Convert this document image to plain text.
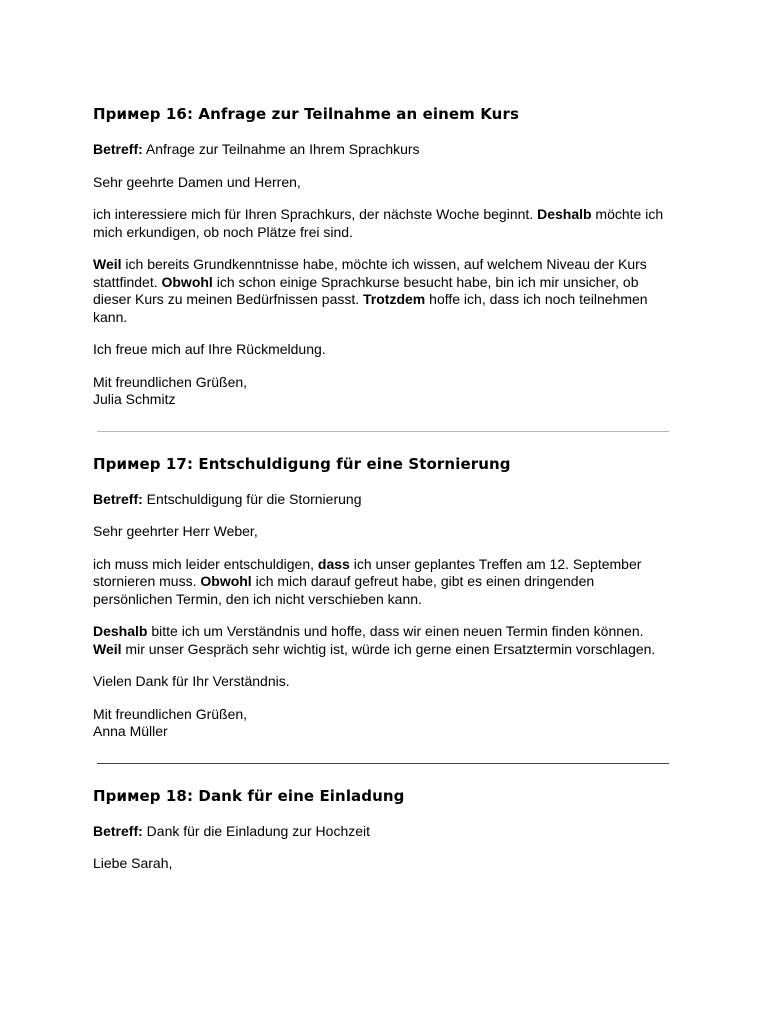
Пример 16: Anfrage zur Teilnahme an einem Kurs

Betreff: Anfrage zur Teilnahme an Ihrem Sprachkurs

Sehr geehrte Damen und Herren,

ich interessiere mich für Ihren Sprachkurs, der nächste Woche beginnt. Deshalb möchte ich mich erkundigen, ob noch Plätze frei sind.

Weil ich bereits Grundkenntnisse habe, möchte ich wissen, auf welchem Niveau der Kurs stattfindet. Obwohl ich schon einige Sprachkurse besucht habe, bin ich mir unsicher, ob dieser Kurs zu meinen Bedürfnissen passt. Trotzdem hoffe ich, dass ich noch teilnehmen kann.

Ich freue mich auf Ihre Rückmeldung.

Mit freundlichen Grüßen,
Julia Schmitz

Пример 17: Entschuldigung für eine Stornierung

Betreff: Entschuldigung für die Stornierung

Sehr geehrter Herr Weber,

ich muss mich leider entschuldigen, dass ich unser geplantes Treffen am 12. September stornieren muss. Obwohl ich mich darauf gefreut habe, gibt es einen dringenden persönlichen Termin, den ich nicht verschieben kann.

Deshalb bitte ich um Verständnis und hoffe, dass wir einen neuen Termin finden können. Weil mir unser Gespräch sehr wichtig ist, würde ich gerne einen Ersatztermin vorschlagen.

Vielen Dank für Ihr Verständnis.

Mit freundlichen Grüßen,
Anna Müller

Пример 18: Dank für eine Einladung

Betreff: Dank für die Einladung zur Hochzeit

Liebe Sarah,
